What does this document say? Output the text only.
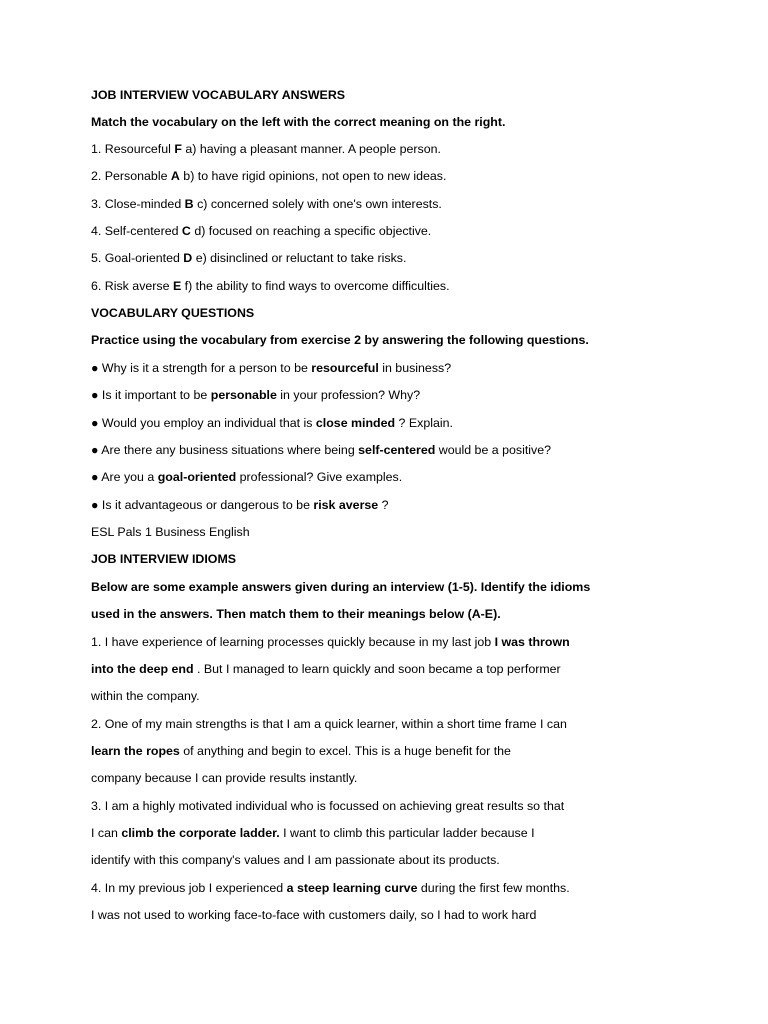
JOB INTERVIEW VOCABULARY ANSWERS
Match the vocabulary on the left with the correct meaning on the right.
1. Resourceful F a) having a pleasant manner. A people person.
2. Personable A b) to have rigid opinions, not open to new ideas.
3. Close-minded B c) concerned solely with one's own interests.
4. Self-centered C d) focused on reaching a specific objective.
5. Goal-oriented D e) disinclined or reluctant to take risks.
6. Risk averse E f) the ability to find ways to overcome difficulties.
VOCABULARY QUESTIONS
Practice using the vocabulary from exercise 2 by answering the following questions.
● Why is it a strength for a person to be resourceful in business?
● Is it important to be personable in your profession? Why?
● Would you employ an individual that is close minded ? Explain.
● Are there any business situations where being self-centered would be a positive?
● Are you a goal-oriented professional? Give examples.
● Is it advantageous or dangerous to be risk averse ?
ESL Pals 1 Business English
JOB INTERVIEW IDIOMS
Below are some example answers given during an interview (1-5). Identify the idioms
used in the answers. Then match them to their meanings below (A-E).
1. I have experience of learning processes quickly because in my last job I was thrown
into the deep end . But I managed to learn quickly and soon became a top performer
within the company.
2. One of my main strengths is that I am a quick learner, within a short time frame I can
learn the ropes of anything and begin to excel. This is a huge benefit for the
company because I can provide results instantly.
3. I am a highly motivated individual who is focussed on achieving great results so that
I can climb the corporate ladder. I want to climb this particular ladder because I
identify with this company's values and I am passionate about its products.
4. In my previous job I experienced a steep learning curve during the first few months.
I was not used to working face-to-face with customers daily, so I had to work hard
